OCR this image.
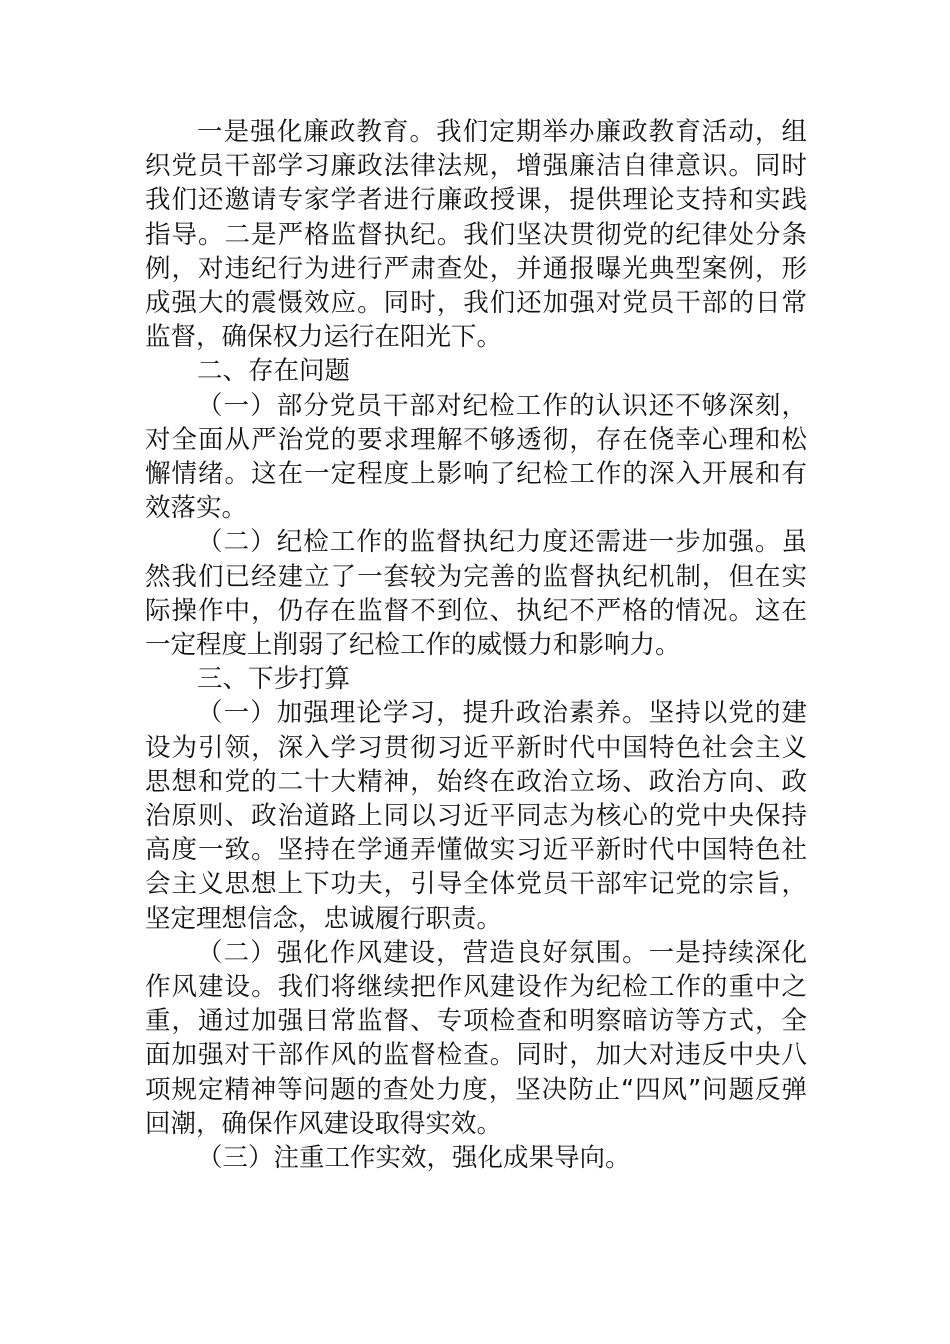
一是强化廉政教育。我们定期举办廉政教育活动，组织党员干部学习廉政法律法规，增强廉洁自律意识。同时我们还邀请专家学者进行廉政授课，提供理论支持和实践指导。二是严格监督执纪。我们坚决贯彻党的纪律处分条例，对违纪行为进行严肃查处，并通报曝光典型案例，形成强大的震慑效应。同时，我们还加强对党员干部的日常监督，确保权力运行在阳光下。

二、存在问题

（一）部分党员干部对纪检工作的认识还不够深刻，对全面从严治党的要求理解不够透彻，存在侥幸心理和松懈情绪。这在一定程度上影响了纪检工作的深入开展和有效落实。

（二）纪检工作的监督执纪力度还需进一步加强。虽然我们已经建立了一套较为完善的监督执纪机制，但在实际操作中，仍存在监督不到位、执纪不严格的情况。这在一定程度上削弱了纪检工作的威慑力和影响力。

三、下步打算

（一）加强理论学习，提升政治素养。坚持以党的建设为引领，深入学习贯彻习近平新时代中国特色社会主义思想和党的二十大精神，始终在政治立场、政治方向、政治原则、政治道路上同以习近平同志为核心的党中央保持高度一致。坚持在学通弄懂做实习近平新时代中国特色社会主义思想上下功夫，引导全体党员干部牢记党的宗旨，坚定理想信念，忠诚履行职责。

（二）强化作风建设，营造良好氛围。一是持续深化作风建设。我们将继续把作风建设作为纪检工作的重中之重，通过加强日常监督、专项检查和明察暗访等方式，全面加强对干部作风的监督检查。同时，加大对违反中央八项规定精神等问题的查处力度，坚决防止“四风”问题反弹回潮，确保作风建设取得实效。

（三）注重工作实效，强化成果导向。
